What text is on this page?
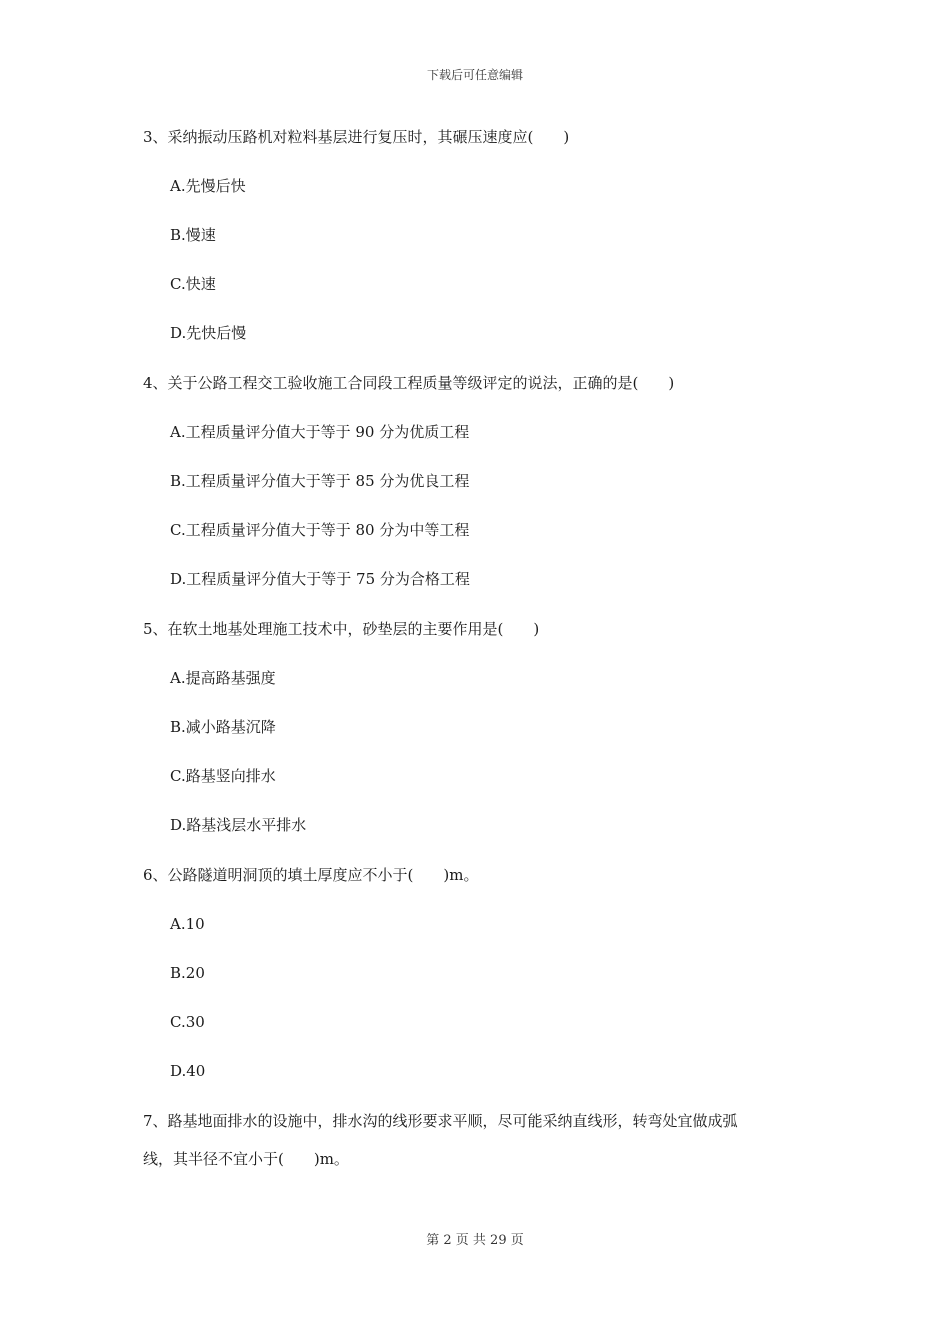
下载后可任意编辑
3、采纳振动压路机对粒料基层进行复压时，其碾压速度应(　　)
A.先慢后快
B.慢速
C.快速
D.先快后慢
4、关于公路工程交工验收施工合同段工程质量等级评定的说法，正确的是(　　)
A.工程质量评分值大于等于 90 分为优质工程
B.工程质量评分值大于等于 85 分为优良工程
C.工程质量评分值大于等于 80 分为中等工程
D.工程质量评分值大于等于 75 分为合格工程
5、在软土地基处理施工技术中，砂垫层的主要作用是(　　)
A.提高路基强度
B.减小路基沉降
C.路基竖向排水
D.路基浅层水平排水
6、公路隧道明洞顶的填土厚度应不小于(　　)m。
A.10
B.20
C.30
D.40
7、路基地面排水的设施中，排水沟的线形要求平顺，尽可能采纳直线形，转弯处宜做成弧
线，其半径不宜小于(　　)m。
第 2 页 共 29 页
